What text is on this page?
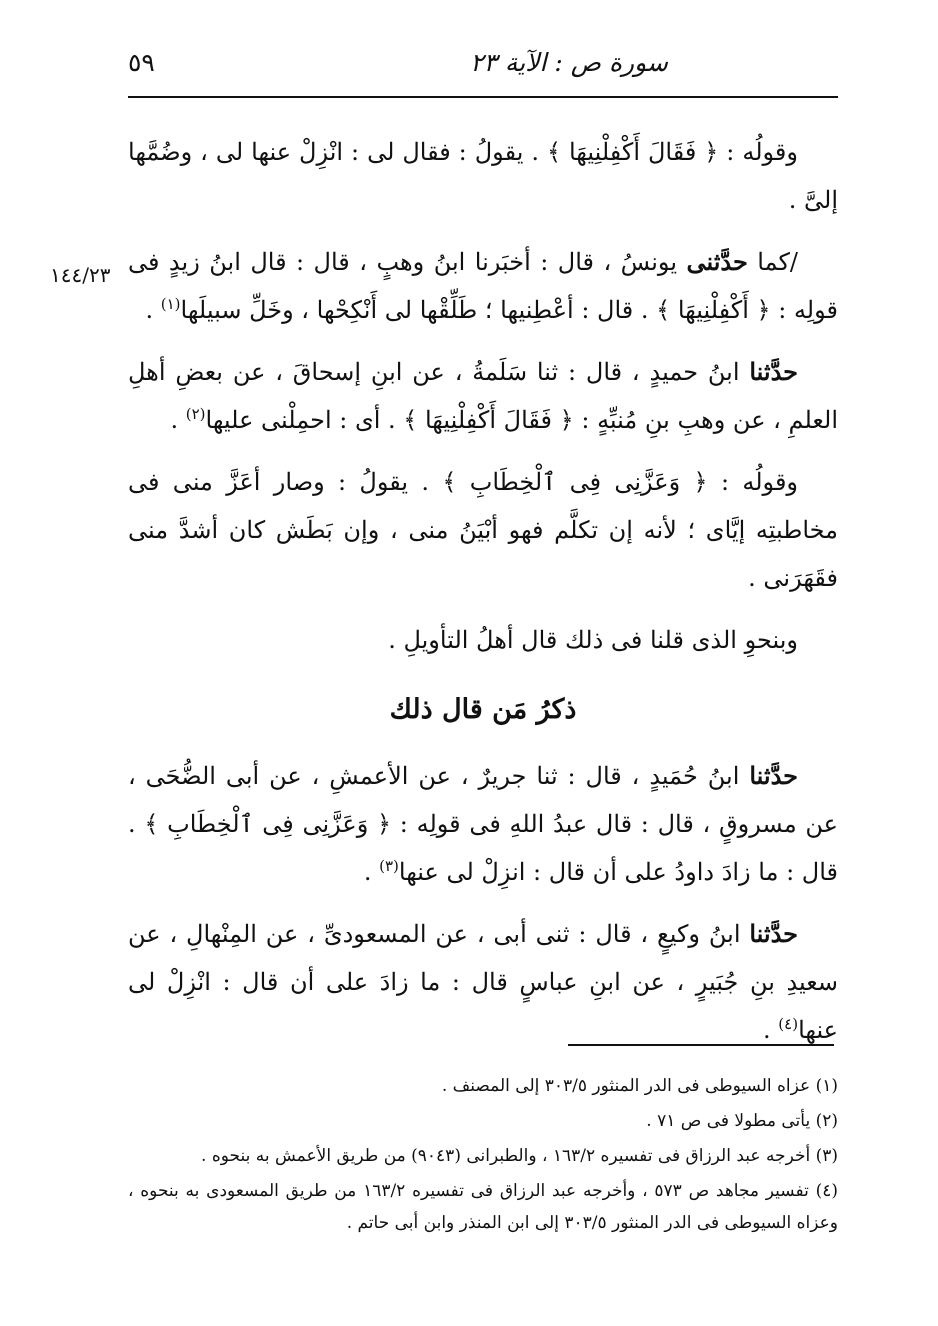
سورة ص : الآية ٢٣
٥٩
١٤٤/٢٣

وقولُه : ﴿ فَقَالَ أَكْفِلْنِيهَا ﴾ . يقولُ : فقال لى : انْزِلْ عنها لى ، وضُمَّها إلىَّ .

/كما حدَّثنى يونسُ ، قال : أخبَرنا ابنُ وهبٍ ، قال : قال ابنُ زيدٍ فى قولِه : ﴿ أَكْفِلْنِيهَا ﴾ . قال : أعْطِنيها ؛ طَلِّقْها لى أَنْكِحْها ، وخَلِّ سبيلَها$^{(١)}$ .

حدَّثنا ابنُ حميدٍ ، قال : ثنا سَلَمةُ ، عن ابنِ إسحاقَ ، عن بعضِ أهلِ العلمِ ، عن وهبِ بنِ مُنبِّهٍ : ﴿ فَقَالَ أَكْفِلْنِيهَا ﴾ . أى : احمِلْنى عليها$^{(٢)}$ .

وقولُه : ﴿ وَعَزَّنِى فِى ٱلْخِطَابِ ﴾ . يقولُ : وصار أعَزَّ منى فى مخاطبتِه إيَّاى ؛ لأنه إن تكلَّم فهو أبْيَنُ منى ، وإن بَطَش كان أشدَّ منى فقَهَرَنى .

وبنحوِ الذى قلنا فى ذلك قال أهلُ التأويلِ .

ذكرُ مَن قال ذلك

حدَّثنا ابنُ حُمَيدٍ ، قال : ثنا جريرٌ ، عن الأعمشِ ، عن أبى الضُّحَى ، عن مسروقٍ ، قال : قال عبدُ اللهِ فى قولِه : ﴿ وَعَزَّنِى فِى ٱلْخِطَابِ ﴾ . قال : ما زادَ داودُ على أن قال : انزِلْ لى عنها$^{(٣)}$ .

حدَّثنا ابنُ وكيعٍ ، قال : ثنى أبى ، عن المسعودىِّ ، عن المِنْهالِ ، عن سعيدِ بنِ جُبَيرٍ ، عن ابنِ عباسٍ قال : ما زادَ على أن قال : انْزِلْ لى عنها$^{(٤)}$ .

(١) عزاه السيوطى فى الدر المنثور ٣٠٣/٥ إلى المصنف .

(٢) يأتى مطولا فى ص ٧١ .

(٣) أخرجه عبد الرزاق فى تفسيره ١٦٣/٢ ، والطبرانى (٩٠٤٣) من طريق الأعمش به بنحوه .

(٤) تفسير مجاهد ص ٥٧٣ ، وأخرجه عبد الرزاق فى تفسيره ١٦٣/٢ من طريق المسعودى به بنحوه ، وعزاه السيوطى فى الدر المنثور ٣٠٣/٥ إلى ابن المنذر وابن أبى حاتم .
